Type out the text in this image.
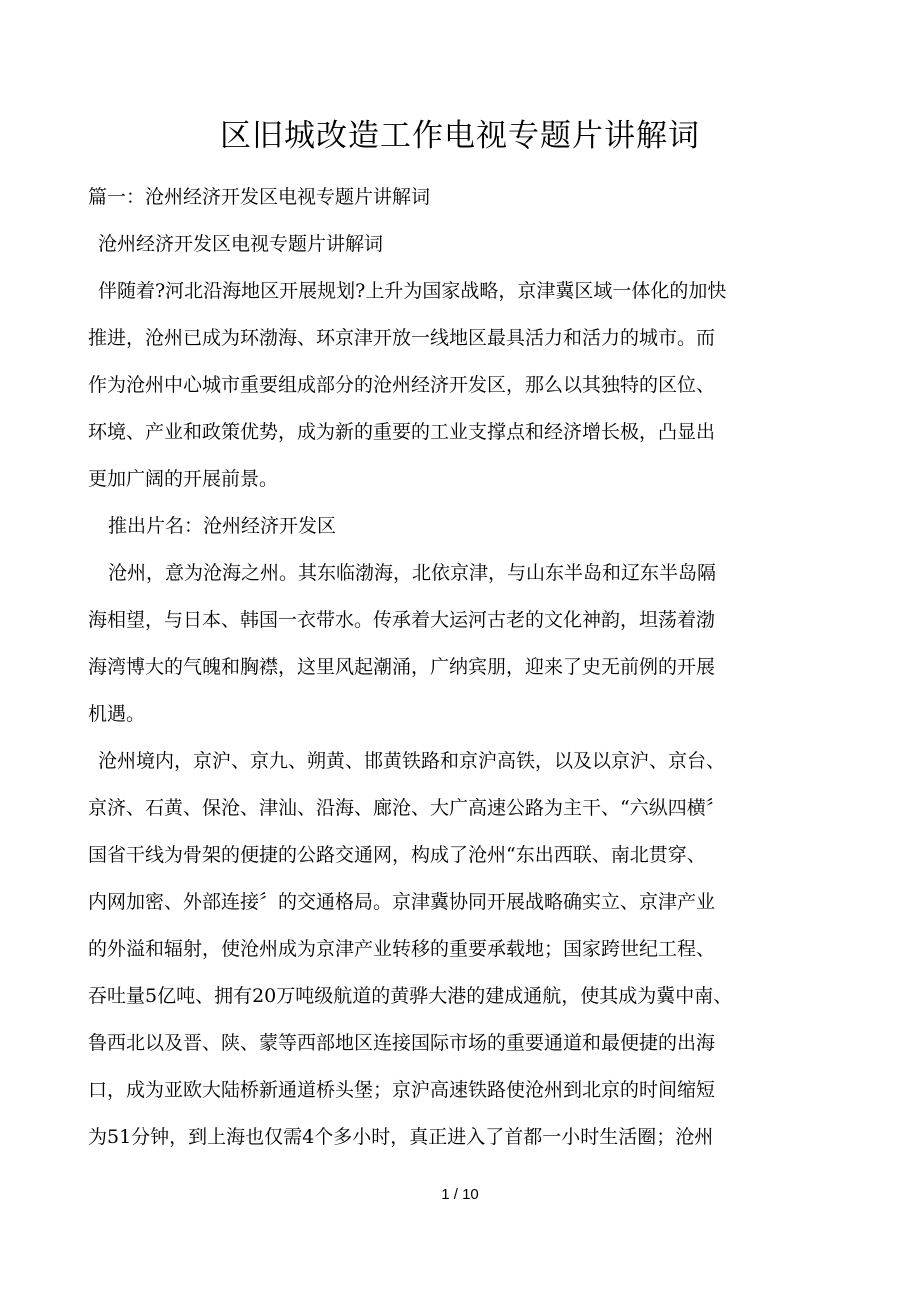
区旧城改造工作电视专题片讲解词
篇一：沧州经济开发区电视专题片讲解词
沧州经济开发区电视专题片讲解词
伴随着?河北沿海地区开展规划?上升为国家战略，京津冀区域一体化的加快
推进，沧州已成为环渤海、环京津开放一线地区最具活力和活力的城市。而
作为沧州中心城市重要组成部分的沧州经济开发区，那么以其独特的区位、
环境、产业和政策优势，成为新的重要的工业支撑点和经济增长极，凸显出
更加广阔的开展前景。
推出片名：沧州经济开发区
沧州，意为沧海之州。其东临渤海，北依京津，与山东半岛和辽东半岛隔
海相望，与日本、韩国一衣带水。传承着大运河古老的文化神韵，坦荡着渤
海湾博大的气魄和胸襟，这里风起潮涌，广纳宾朋，迎来了史无前例的开展
机遇。
沧州境内，京沪、京九、朔黄、邯黄铁路和京沪高铁，以及以京沪、京台、
京济、石黄、保沧、津汕、沿海、廊沧、大广高速公路为主干、“六纵四横〞
国省干线为骨架的便捷的公路交通网，构成了沧州“东出西联、南北贯穿、
内网加密、外部连接〞的交通格局。京津冀协同开展战略确实立、京津产业
的外溢和辐射，使沧州成为京津产业转移的重要承载地；国家跨世纪工程、
吞吐量5亿吨、拥有20万吨级航道的黄骅大港的建成通航，使其成为冀中南、
鲁西北以及晋、陕、蒙等西部地区连接国际市场的重要通道和最便捷的出海
口，成为亚欧大陆桥新通道桥头堡；京沪高速铁路使沧州到北京的时间缩短
为51分钟，到上海也仅需4个多小时，真正进入了首都一小时生活圈；沧州
1 / 10
